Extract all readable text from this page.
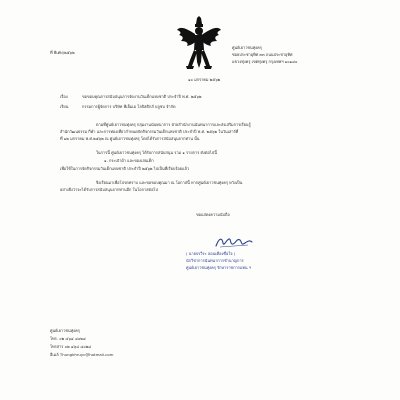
ที่ พิเศษ/๒๕๖๒
ศูนย์เยาวชนทุ่งครุ
ซอยประชาอุทิศ ๓๓ ถนนประชาอุทิศ
แขวงทุ่งครุ เขตทุ่งครุ กรุงเทพฯ ๑๐๑๔๐
๑๐ มกราคม ๒๕๖๒
เรื่อง	ขอขอบคุณการสนับสนุนการจัดงานวันเด็กแห่งชาติ ประจำปี พ.ศ. ๒๕๖๒
เรียน	กรรมการผู้จัดการ บริษัท พีเอ็มเอ โลจิสติกส์ บลูชบ จำกัด
ตามที่ศูนย์เยาวชนทุ่งครุ กลุ่มงานนันทนาการ ฝ่ายสำนักงานนันทนาการและส่งเสริมการเรียนรู้
สำนักวัฒนธรรม กีฬา และการท่องเที่ยวกำหนดจัดกิจกรรมวันเด็กแห่งชาติ ประจำปี พ.ศ. ๒๕๖๒ ในวันเสาร์ที่
ที่ ๑๒ มกราคม พ.ศ.๒๕๖๒ ณ ศูนย์เยาวชนทุ่งครุ โดยได้รับการสนับสนุนจากท่าน นั้น
ในการนี้ ศูนย์เยาวชนทุ่งครุ ได้รับการสนับสนุน รวม ๑ รายการ ดังต่อไปนี้
๑. กระเป๋าผ้า และของเล่นเด็ก
เพื่อใช้ในการจัดกิจกรรมวันเด็กแห่งชาติ ประจำปี ๒๕๖๒ ไปเป็นที่เรียบร้อยแล้ว
จึงเรียนมาเพื่อโปรดทราบ และขอขอบคุณมา ณ โอกาสนี้ หากศูนย์เยาวชนทุ่งครุ หวังเป็น
อย่างยิ่งว่าจะได้รับการสนับสนุนจากท่านอีก ในโอกาสต่อไป
ขอแสดงความนับถือ
( นายจรวีระ ลอนเคืองซื่อใจ )
นักวิชาการนันทนาการชำนาญการ
ศูนย์เยาวชนทุ่งครุ รักษาราชการแทน ฯ
ศูนย์เยาวชนทุ่งครุ
โทร. ๐๒ ๔๖๔ ๔๐๒๔
โทรสาร ๐๒ ๔๖๔ ๔๐๒๔
อีเมล์ Thungkhruyc@hotmail.com
